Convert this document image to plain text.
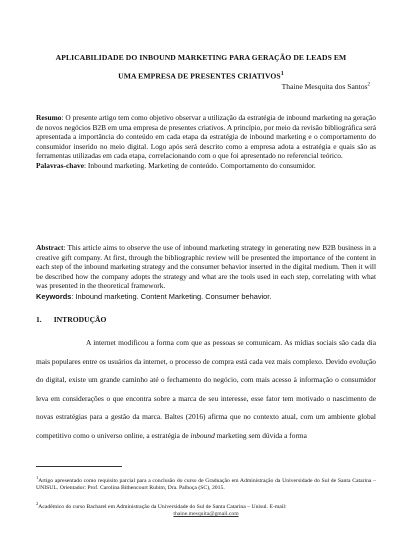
APLICABILIDADE DO INBOUND MARKETING PARA GERAÇÃO DE LEADS EM
UMA EMPRESA DE PRESENTES CRIATIVOS$^1$
Thaine Mesquita dos Santos$^2$
Resumo: O presente artigo tem como objetivo observar a utilização da estratégia de inbound marketing na geração de novos negócios B2B em uma empresa de presentes criativos. A princípio, por meio da revisão bibliográfica será apresentada a importância do conteúdo em cada etapa da estratégia de inbound marketing e o comportamento do consumidor inserido no meio digital. Logo após será descrito como a empresa adota a estratégia e quais são as ferramentas utilizadas em cada etapa, correlacionando com o que foi apresentado no referencial teórico.
Palavras-chave: Inbound marketing. Marketing de conteúdo. Comportamento do consumidor.
Abstract: This article aims to observe the use of inbound marketing strategy in generating new B2B business in a creative gift company. At first, through the bibliographic review will be presented the importance of the content in each step of the inbound marketing strategy and the consumer behavior inserted in the digital medium. Then it will be described how the company adopts the strategy and what are the tools used in each step, correlating with what was presented in the theoretical framework.
Keywords: Inbound marketing. Content Marketing. Consumer behavior.
1. INTRODUÇÃO

A internet modificou a forma com que as pessoas se comunicam. As mídias sociais são cada dia mais populares entre os usuários da internet, o processo de compra está cada vez mais complexo. Devido evolução do digital, existe um grande caminho até o fechamento do negócio, com mais acesso à informação o consumidor leva em considerações o que encontra sobre a marca de seu interesse, esse fator tem motivado o nascimento de novas estratégias para a gestão da marca. Baltes (2016) afirma que no contexto atual, com um ambiente global competitivo como o universo online, a estratégia de inbound marketing sem dúvida a forma

$^1$Artigo apresentado como requisito parcial para a conclusão do curso de Graduação em Administração da Universidade do Sul de Santa Catarina – UNISUL. Orientador: Prof. Carolina Bithencourt Rubim, Dra. Palhoça (SC), 2015.
$^2$Acadêmico do curso Bacharel em Administração da Universidade do Sul de Santa Catarina – Unisul. E-mail:
thaine.mesquita@gmail.com
